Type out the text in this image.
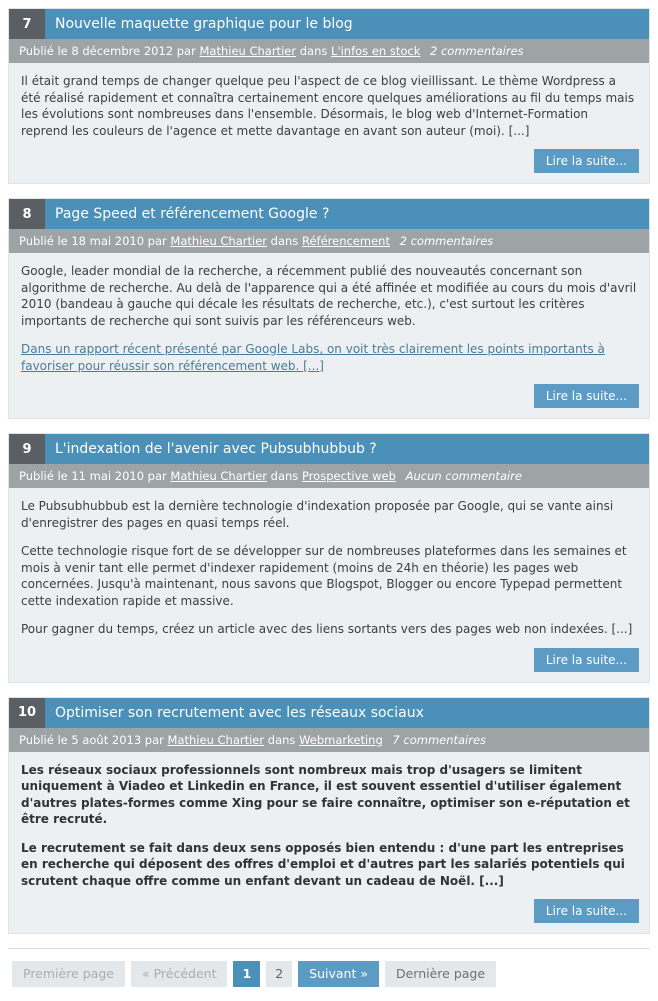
7	Nouvelle maquette graphique pour le blog
Publié le 8 décembre 2012 par Mathieu Chartier dans L'infos en stock 2 commentaires

Il était grand temps de changer quelque peu l'aspect de ce blog vieillissant. Le thème Wordpress a été réalisé rapidement et connaîtra certainement encore quelques améliorations au fil du temps mais les évolutions sont nombreuses dans l'ensemble. Désormais, le blog web d'Internet-Formation reprend les couleurs de l'agence et mette davantage en avant son auteur (moi). [...]

Lire la suite...
8	Page Speed et référencement Google ?
Publié le 18 mai 2010 par Mathieu Chartier dans Référencement 2 commentaires

Google, leader mondial de la recherche, a récemment publié des nouveautés concernant son algorithme de recherche. Au delà de l'apparence qui a été affinée et modifiée au cours du mois d'avril 2010 (bandeau à gauche qui décale les résultats de recherche, etc.), c'est surtout les critères importants de recherche qui sont suivis par les référenceurs web.

Dans un rapport récent présenté par Google Labs, on voit très clairement les points importants à favoriser pour réussir son référencement web. [...]

Lire la suite...
9	L'indexation de l'avenir avec Pubsubhubbub ?
Publié le 11 mai 2010 par Mathieu Chartier dans Prospective web Aucun commentaire

Le Pubsubhubbub est la dernière technologie d'indexation proposée par Google, qui se vante ainsi d'enregistrer des pages en quasi temps réel.

Cette technologie risque fort de se développer sur de nombreuses plateformes dans les semaines et mois à venir tant elle permet d'indexer rapidement (moins de 24h en théorie) les pages web concernées. Jusqu'à maintenant, nous savons que Blogspot, Blogger ou encore Typepad permettent cette indexation rapide et massive.

Pour gagner du temps, créez un article avec des liens sortants vers des pages web non indexées. [...]

Lire la suite...
10	Optimiser son recrutement avec les réseaux sociaux
Publié le 5 août 2013 par Mathieu Chartier dans Webmarketing 7 commentaires

Les réseaux sociaux professionnels sont nombreux mais trop d'usagers se limitent uniquement à Viadeo et Linkedin en France, il est souvent essentiel d'utiliser également d'autres plates-formes comme Xing pour se faire connaître, optimiser son e-réputation et être recruté.

Le recrutement se fait dans deux sens opposés bien entendu : d'une part les entreprises en recherche qui déposent des offres d'emploi et d'autres part les salariés potentiels qui scrutent chaque offre comme un enfant devant un cadeau de Noël. [...]

Lire la suite...
Première page	« Précédent	1	2	Suivant »	Dernière page
